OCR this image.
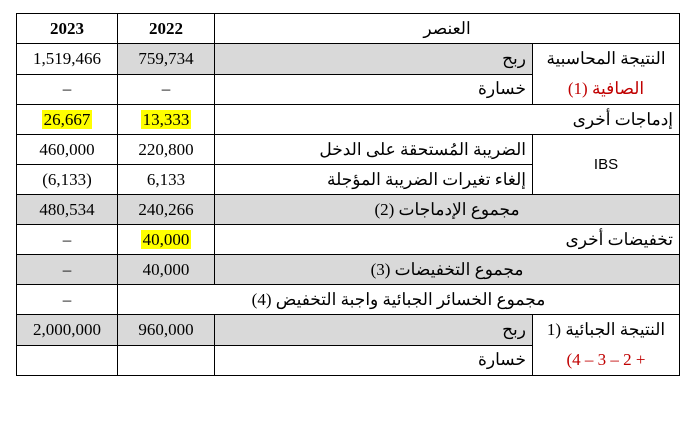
2023	2022	العنصر	
1,519,466	759,734	ربح	النتيجة المحاسبية
الصافية (1)

–	–	خسارة	
26,667	13,333	إدماجات أخرى	
460,000	220,800	الضريبة المُستحقة على الدخل	IBS
(6,133)	6,133	إلغاء تغيرات الضريبة المؤجلة	
480,534	240,266	مجموع الإدماجات (2)	
–	40,000	تخفيضات أخرى	
–	40,000	مجموع التخفيضات (3)	
–	مجموع الخسائر الجبائية واجبة التخفيض (4)		
2,000,000	960,000	ربح	النتيجة الجبائية (1
+ 2 – 3 – 4)

		خسارة	
